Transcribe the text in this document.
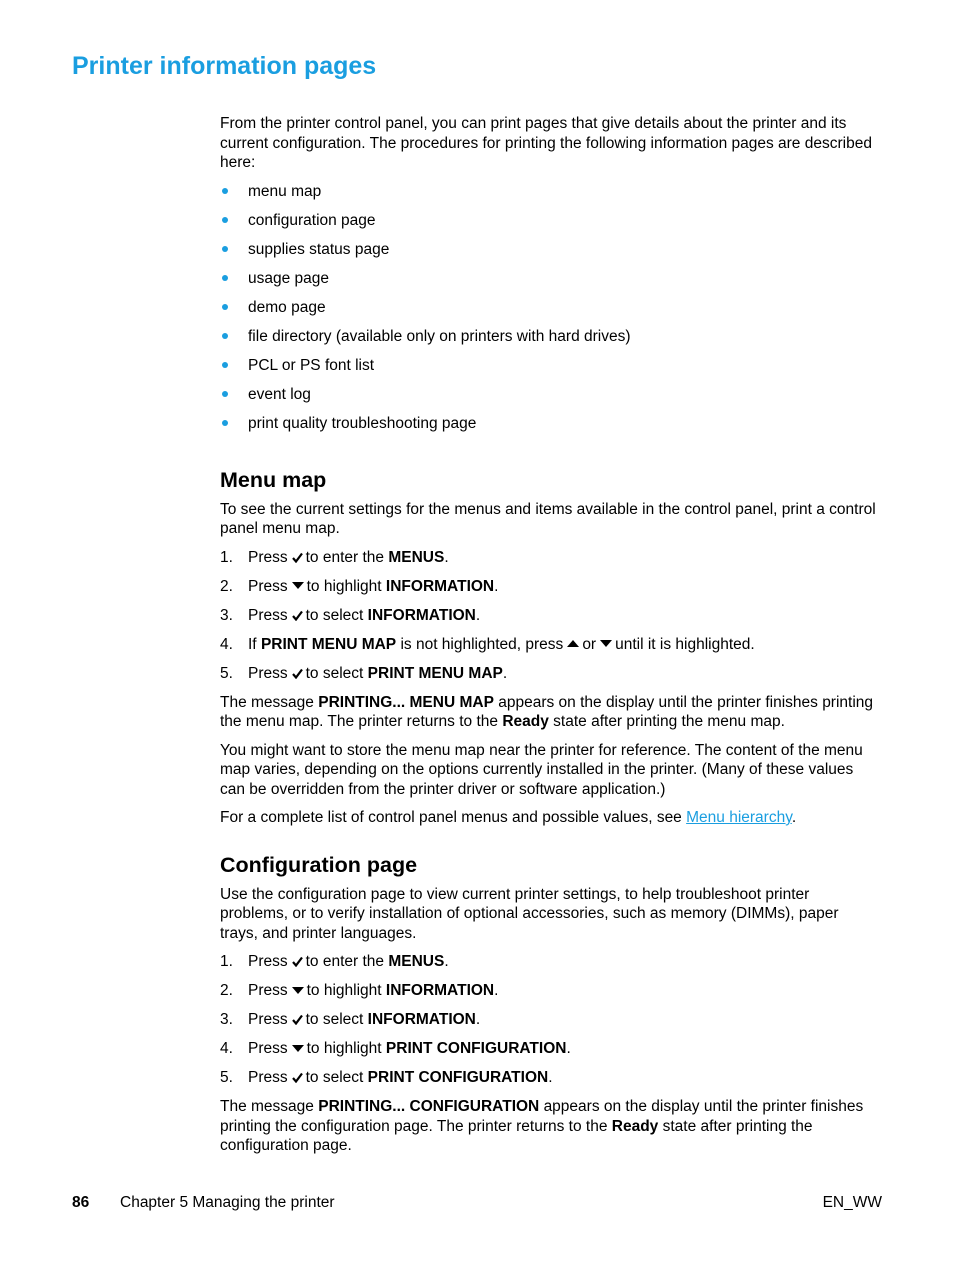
Printer information pages

From the printer control panel, you can print pages that give details about the printer and its current configuration. The procedures for printing the following information pages are described here:

menu map
configuration page
supplies status page
usage page
demo page
file directory (available only on printers with hard drives)
PCL or PS font list
event log
print quality troubleshooting page
Menu map

To see the current settings for the menus and items available in the control panel, print a control panel menu map.

1. Press to enter the MENUS.
2. Press to highlight INFORMATION.
3. Press to select INFORMATION.
4. If PRINT MENU MAP is not highlighted, press or until it is highlighted.
5. Press to select PRINT MENU MAP.

The message PRINTING... MENU MAP appears on the display until the printer finishes printing the menu map. The printer returns to the Ready state after printing the menu map.

You might want to store the menu map near the printer for reference. The content of the menu map varies, depending on the options currently installed in the printer. (Many of these values can be overridden from the printer driver or software application.)

For a complete list of control panel menus and possible values, see Menu hierarchy.

Configuration page

Use the configuration page to view current printer settings, to help troubleshoot printer problems, or to verify installation of optional accessories, such as memory (DIMMs), paper trays, and printer languages.

1. Press to enter the MENUS.
2. Press to highlight INFORMATION.
3. Press to select INFORMATION.
4. Press to highlight PRINT CONFIGURATION.
5. Press to select PRINT CONFIGURATION.

The message PRINTING... CONFIGURATION appears on the display until the printer finishes printing the configuration page. The printer returns to the Ready state after printing the configuration page.

86 Chapter 5 Managing the printer	EN_WW
